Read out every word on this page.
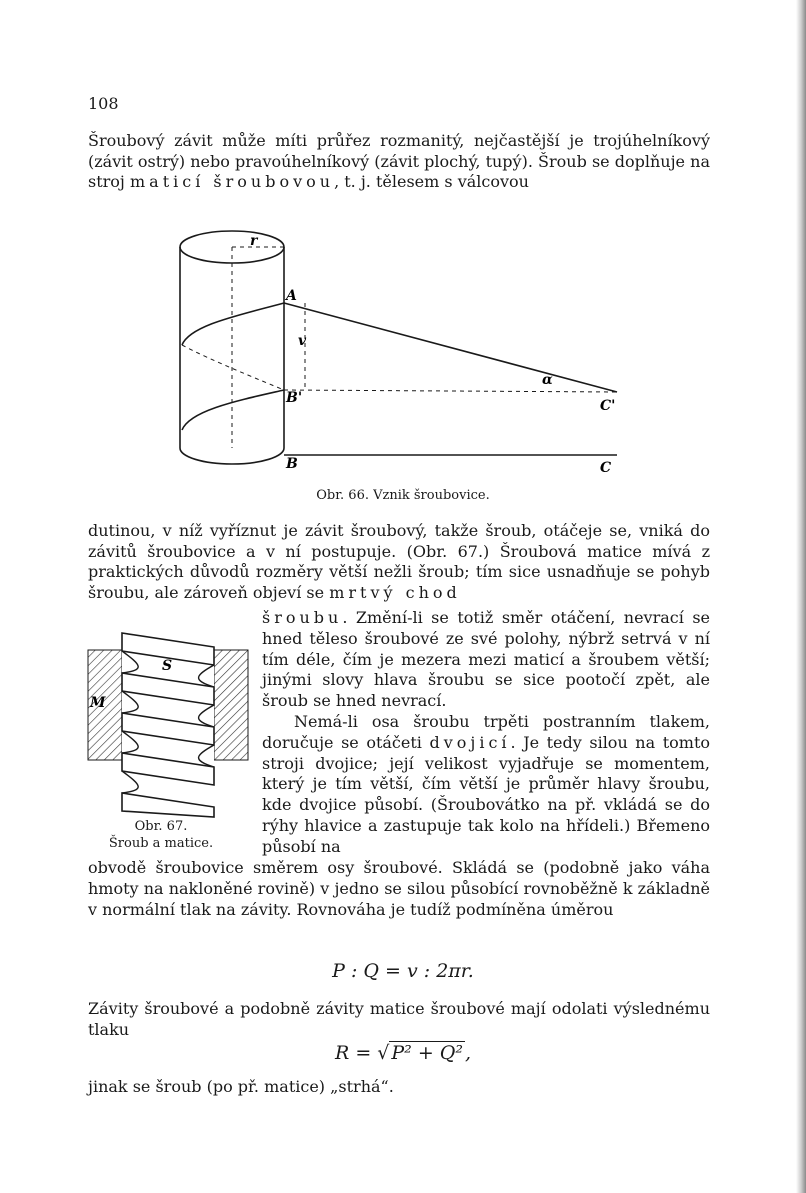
108
Šroubový závit může míti průřez rozmanitý, nejčastější je trojúhelníkový (závit ostrý) nebo pravoúhelníkový (závit plochý, tupý). Šroub se doplňuje na stroj maticí šroubovou, t. j. tělesem s válcovou
r
A
v
B'
α
C'
B	C
Obr. 66. Vznik šroubovice.
dutinou, v níž vyříznut je závit šroubový, takže šroub, otáčeje se, vniká do závitů šroubovice a v ní postupuje. (Obr. 67.) Šroubová matice mívá z praktických důvodů rozměry větší nežli šroub; tím sice usnadňuje se pohyb šroubu, ale zároveň objeví se mrtvý chod
S
M
Obr. 67.
Šroub a matice.
šroubu. Změní-li se totiž směr otáčení, nevrací se hned těleso šroubové ze své polohy, nýbrž setrvá v ní tím déle, čím je mezera mezi maticí a šroubem větší; jinými slovy hlava šroubu se sice pootočí zpět, ale šroub se hned nevrací.
  Nemá-li osa šroubu trpěti postranním tlakem, doručuje se otáčeti dvojicí. Je tedy silou na tomto stroji dvojice; její velikost vyjadřuje se momentem, který je tím větší, čím větší je průměr hlavy šroubu, kde dvojice působí. (Šroubovátko na př. vkládá se do rýhy hlavice a zastupuje tak kolo na hřídeli.) Břemeno působí na
obvodě šroubovice směrem osy šroubové. Skládá se (podobně jako váha hmoty na nakloněné rovině) v jedno se silou působící rovnoběžně k základně v normální tlak na závity. Rovnováha je tudíž podmíněna úměrou
P : Q = v : 2πr.
Závity šroubové a podobně závity matice šroubové mají odolati výslednému tlaku
R = √ P² + Q² ,
jinak se šroub (po př. matice) „strhá“.
